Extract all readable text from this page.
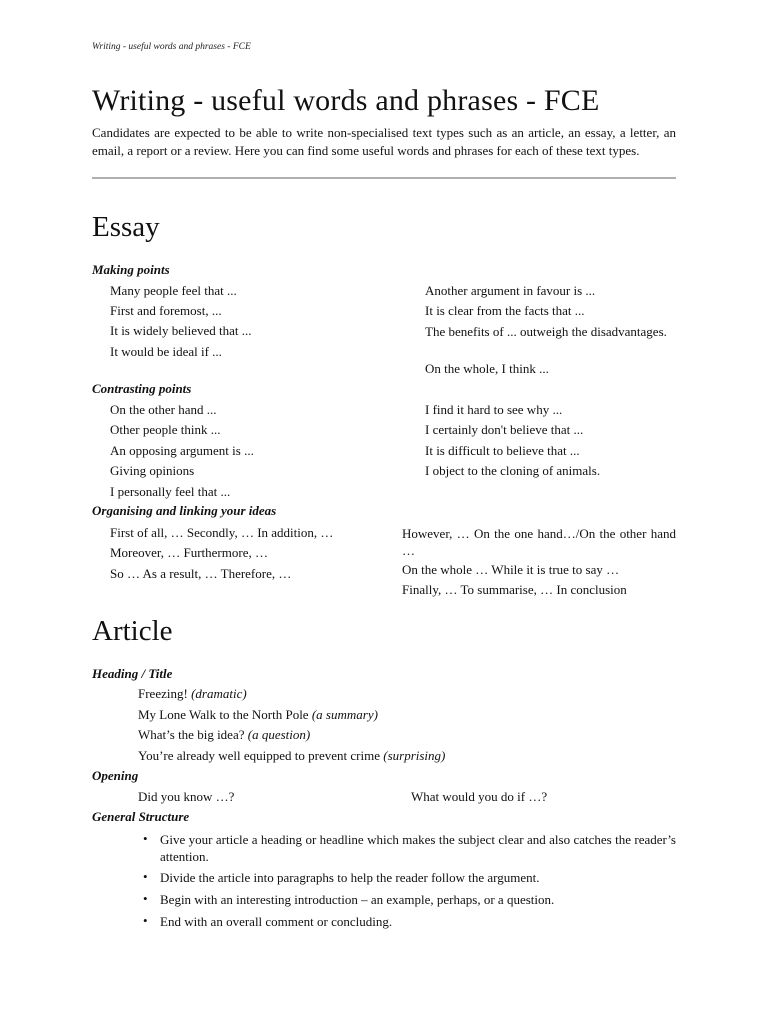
Writing - useful words and phrases - FCE
Writing - useful words and phrases - FCE

Candidates are expected to be able to write non-specialised text types such as an article, an essay, a letter, an email, a report or a review. Here you can find some useful words and phrases for each of these text types.

Essay
Making points
Many people feel that ...
First and foremost, ...
It is widely believed that ...
It would be ideal if ...
Another argument in favour is ...
It is clear from the facts that ...
The benefits of ... outweigh the disadvantages.
On the whole, I think ...
Contrasting points
On the other hand ...
Other people think ...
An opposing argument is ...
Giving opinions
I personally feel that ...
I find it hard to see why ...
I certainly don't believe that ...
It is difficult to believe that ...
I object to the cloning of animals.
Organising and linking your ideas
First of all, … Secondly, … In addition, …
Moreover, … Furthermore, …
So … As a result, … Therefore, …
However, … On the one hand…/On the other hand …
On the whole … While it is true to say …
Finally, … To summarise, … In conclusion
Article
Heading / Title
Freezing! (dramatic)
My Lone Walk to the North Pole (a summary)
What’s the big idea? (a question)
You’re already well equipped to prevent crime (surprising)
Opening
Did you know …?	What would you do if …?
General Structure
• Give your article a heading or headline which makes the subject clear and also catches the reader’s attention.
• Divide the article into paragraphs to help the reader follow the argument.
• Begin with an interesting introduction – an example, perhaps, or a question.
• End with an overall comment or concluding.
